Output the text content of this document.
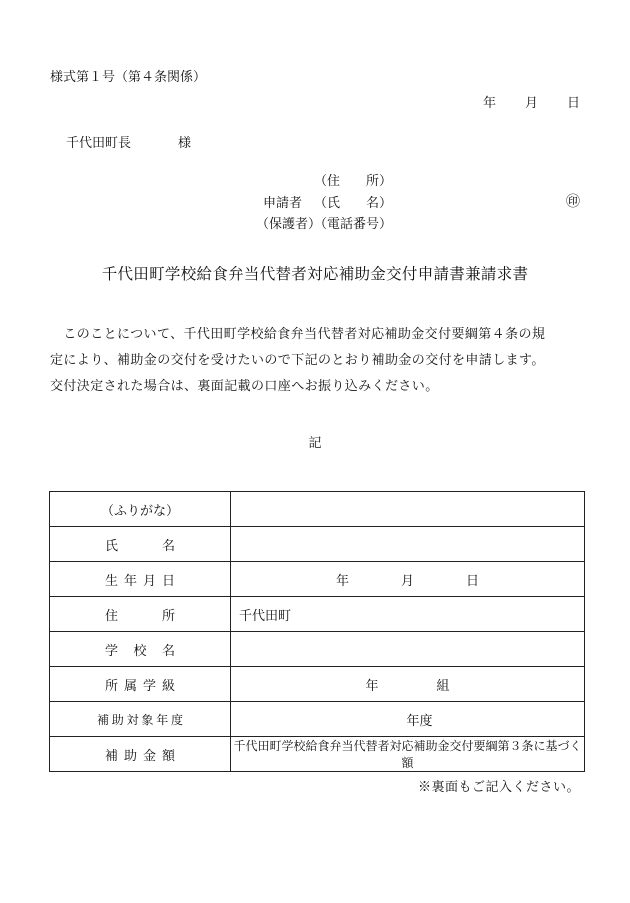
様式第１号（第４条関係）
年 月 日
千代田町長	様
（住　　所）
申請者 （氏　　名）	㊞
（保護者）
（電話番号）
千代田町学校給食弁当代替者対応補助金交付申請書兼請求書

　このことについて、千代田町学校給食弁当代替者対応補助金交付要綱第４条の規

定により、補助金の交付を受けたいので下記のとおり補助金の交付を申請します。

交付決定された場合は、裏面記載の口座へお振り込みください。

記
（ふりがな）	
氏名	
生年月日	年 月 日
住所	千代田町
学校名	
所属学級	年 組
補助対象年度	年度
補助金額	千代田町学校給食弁当代替者対応補助金交付要綱第３条に基づく額
※裏面もご記入ください。
